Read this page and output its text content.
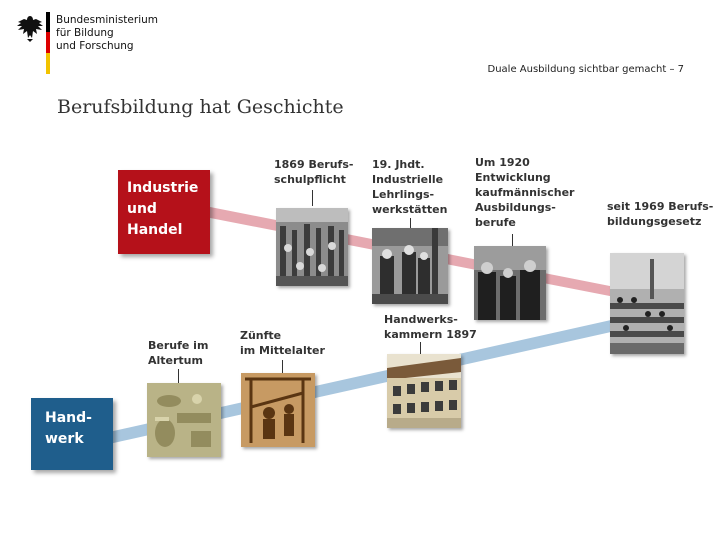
Bundesministerium
für Bildung
und Forschung
Duale Ausbildung sichtbar gemacht – 7
Berufsbildung hat Geschichte
Industrie
und
Handel
Hand-
werk
1869 Berufs-
schulpflicht
19. Jhdt.
Industrielle
Lehrlings-
werkstätten
Um 1920
Entwicklung
kaufmännischer
Ausbildungs-
berufe
seit 1969 Berufs-
bildungsgesetz
Berufe im
Altertum
Zünfte
im Mittelalter
Handwerks-
kammern 1897
